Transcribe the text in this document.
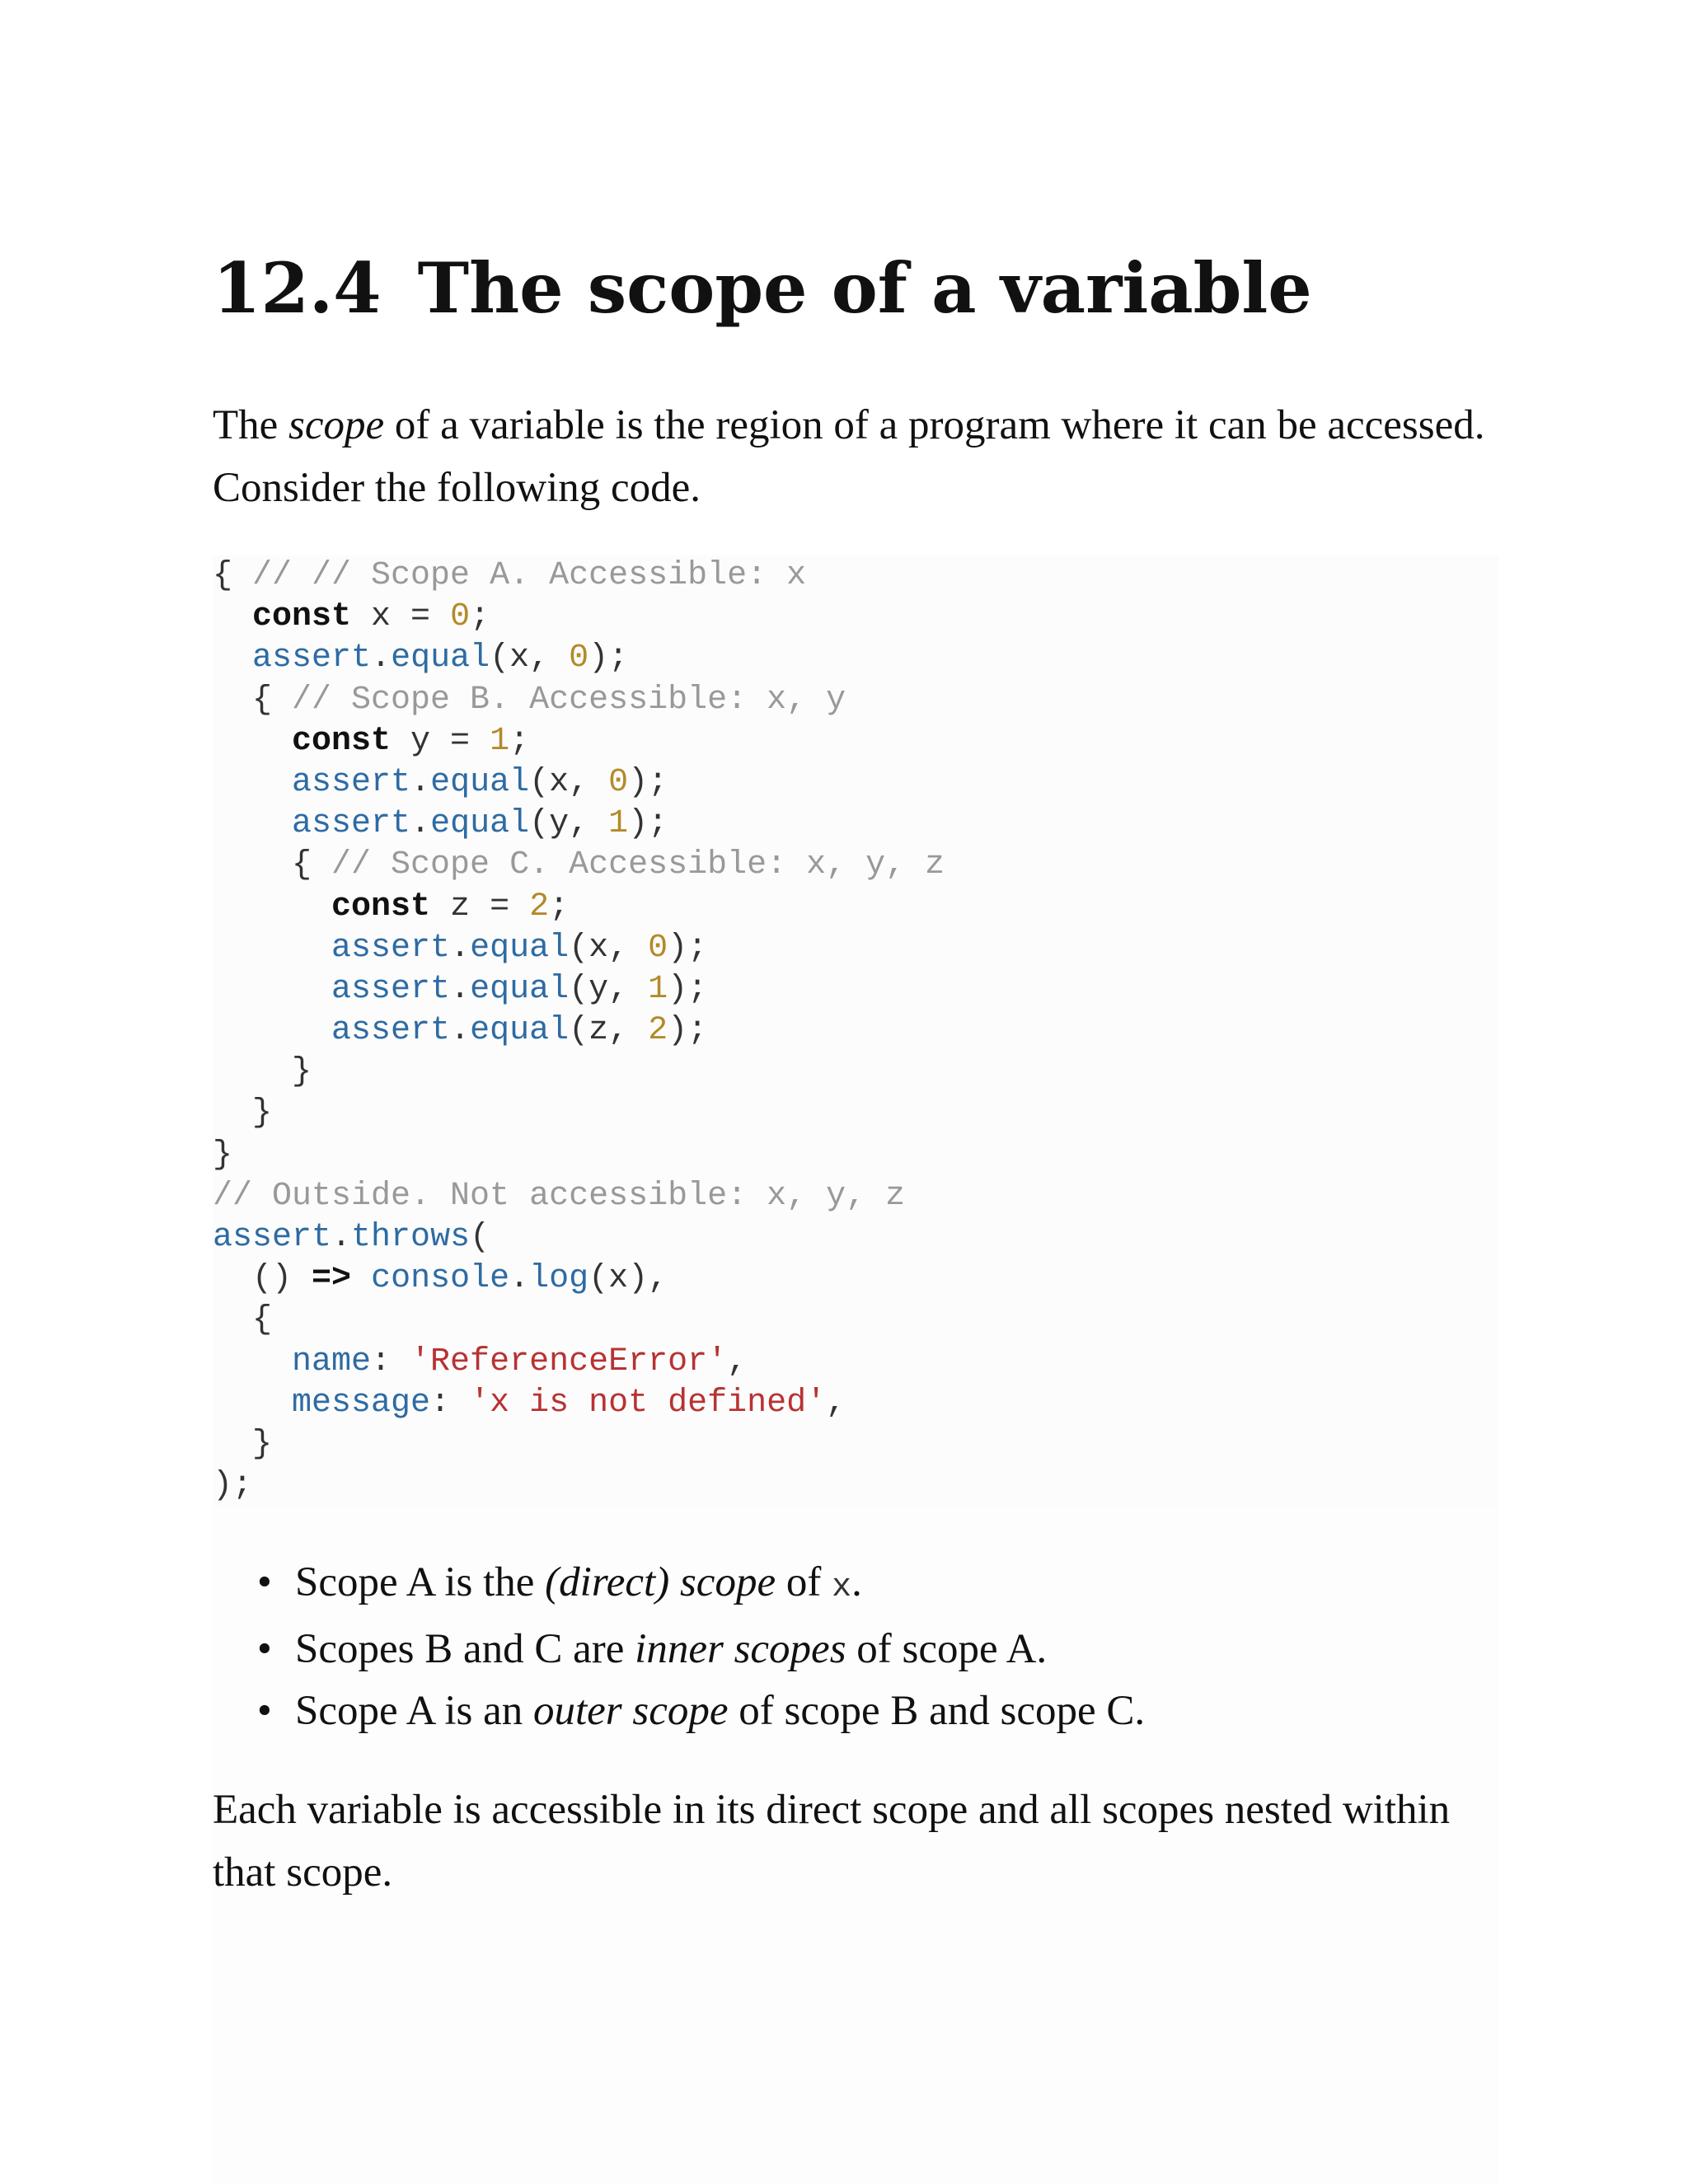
12.4 The scope of a variable

The scope of a variable is the region of a program where it can be accessed. Consider the following code.

{ // // Scope A. Accessible: x
const x = 0;
assert.equal(x, 0);
{ // Scope B. Accessible: x, y
const y = 1;
assert.equal(x, 0);
assert.equal(y, 1);
{ // Scope C. Accessible: x, y, z
const z = 2;
assert.equal(x, 0);
assert.equal(y, 1);
assert.equal(z, 2);
}
}
}
// Outside. Not accessible: x, y, z
assert.throws(
() => console.log(x),
{
name: 'ReferenceError',
message: 'x is not defined',
}
);
• Scope A is the (direct) scope of x.
• Scopes B and C are inner scopes of scope A.
• Scope A is an outer scope of scope B and scope C.

Each variable is accessible in its direct scope and all scopes nested within that scope.
